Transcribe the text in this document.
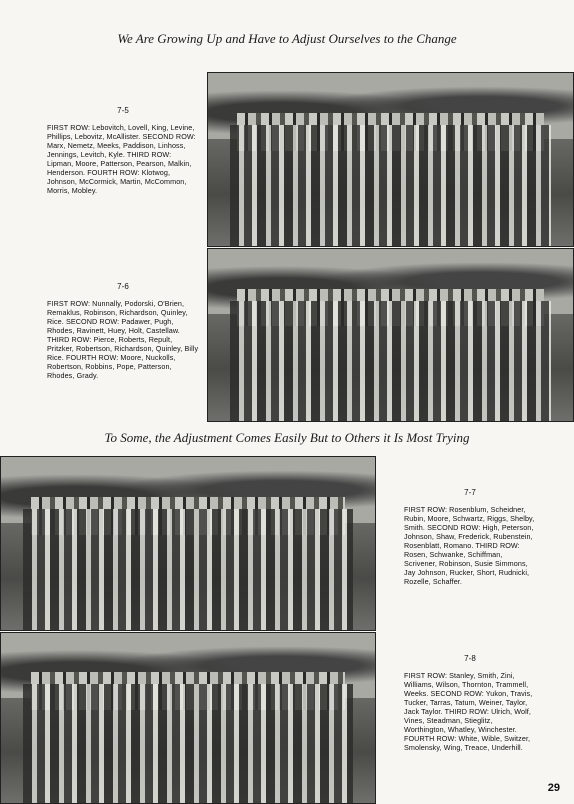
We Are Growing Up and Have to Adjust Ourselves to the Change
7-5
FIRST ROW: Lebovitch, Lovell, King, Levine, Phillips, Lebovitz, McAllister. SECOND ROW: Marx, Nemetz, Meeks, Paddison, Linhoss, Jennings, Levitch, Kyle. THIRD ROW: Lipman, Moore, Patterson, Pearson, Malkin, Henderson. FOURTH ROW: Klotwog, Johnson, McCormick, Martin, McCommon, Morris, Mobley.
7-6
FIRST ROW: Nunnally, Podorski, O'Brien, Remaklus, Robinson, Richardson, Quinley, Rice. SECOND ROW: Padawer, Pugh, Rhodes, Ravinett, Huey, Holt, Castellaw. THIRD ROW: Pierce, Roberts, Repult, Pritzker, Robertson, Richardson, Quinley, Billy Rice. FOURTH ROW: Moore, Nuckolls, Robertson, Robbins, Pope, Patterson, Rhodes, Grady.
To Some, the Adjustment Comes Easily But to Others it Is Most Trying
7-7
FIRST ROW: Rosenblum, Scheidner, Rubin, Moore, Schwartz, Riggs, Shelby, Smith. SECOND ROW: High, Peterson, Johnson, Shaw, Frederick, Rubenstein, Rosenblatt, Romano. THIRD ROW: Rosen, Schwanke, Schiffman, Scrivener, Robinson, Susie Simmons, Jay Johnson, Rucker, Short, Rudnicki, Rozelle, Schaffer.
7-8
FIRST ROW: Stanley, Smith, Zini, Williams, Wilson, Thornton, Trammell, Weeks. SECOND ROW: Yukon, Travis, Tucker, Tarras, Tatum, Weiner, Taylor, Jack Taylor. THIRD ROW: Ulrich, Wolf, Vines, Steadman, Stieglitz, Worthington, Whatley, Winchester. FOURTH ROW: White, Wible, Switzer, Smolensky, Wing, Treace, Underhill.
29
